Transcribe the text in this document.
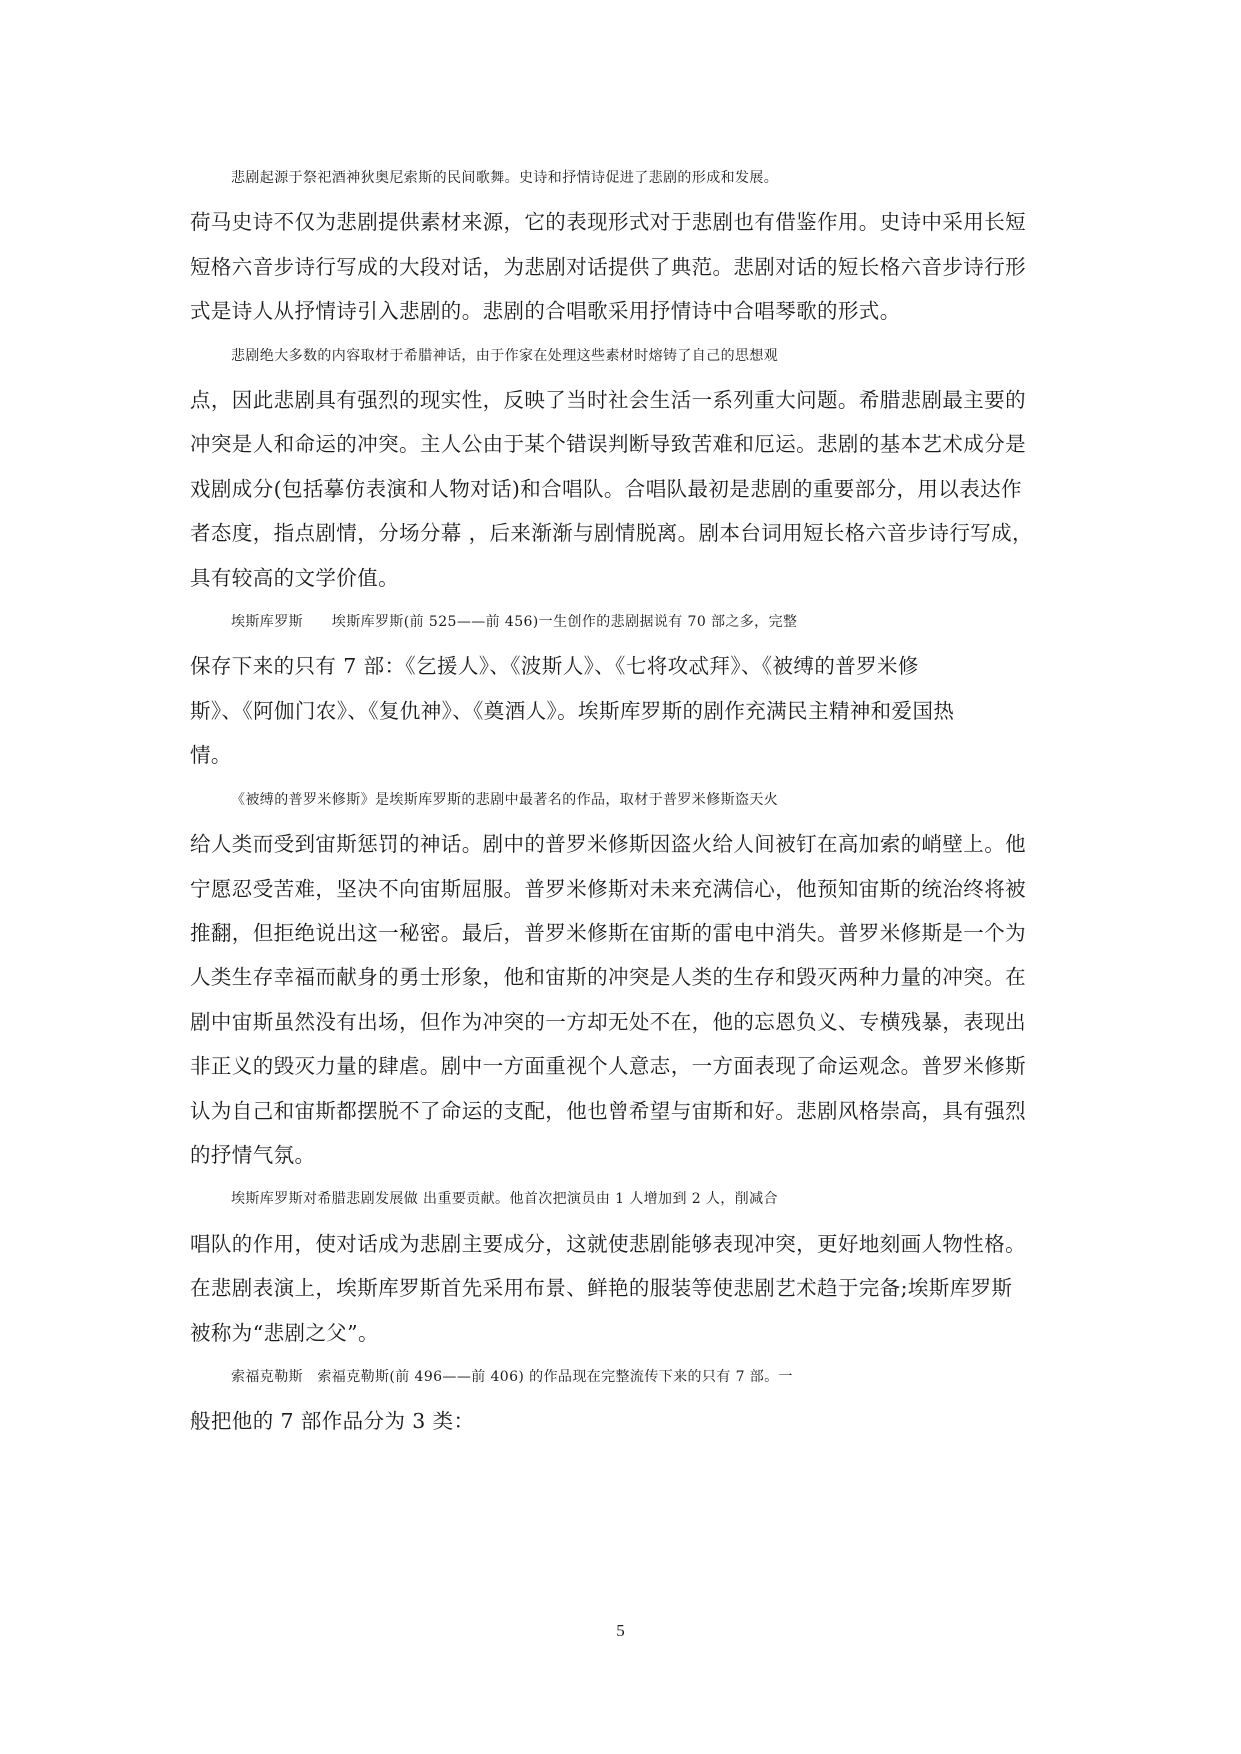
悲剧起源于祭祀酒神狄奥尼索斯的民间歌舞。史诗和抒情诗促进了悲剧的形成和发展。
荷马史诗不仅为悲剧提供素材来源，它的表现形式对于悲剧也有借鉴作用。史诗中采用长短
短格六音步诗行写成的大段对话，为悲剧对话提供了典范。悲剧对话的短长格六音步诗行形
式是诗人从抒情诗引入悲剧的。悲剧的合唱歌采用抒情诗中合唱琴歌的形式。

悲剧绝大多数的内容取材于希腊神话，由于作家在处理这些素材时熔铸了自己的思想观
点，因此悲剧具有强烈的现实性，反映了当时社会生活一系列重大问题。希腊悲剧最主要的
冲突是人和命运的冲突。主人公由于某个错误判断导致苦难和厄运。悲剧的基本艺术成分是
戏剧成分(包括摹仿表演和人物对话)和合唱队。合唱队最初是悲剧的重要部分，用以表达作
者态度，指点剧情，分场分幕 ，后来渐渐与剧情脱离。剧本台词用短长格六音步诗行写成，
具有较高的文学价值。

埃斯库罗斯　　埃斯库罗斯(前 525——前 456)一生创作的悲剧据说有 70 部之多，完整
保存下来的只有 7 部：《乞援人》、《波斯人》、《七将攻忒拜》、《被缚的普罗米修
斯》、《阿伽门农》、《复仇神》、《奠酒人》。埃斯库罗斯的剧作充满民主精神和爱国热
情。

《被缚的普罗米修斯》是埃斯库罗斯的悲剧中最著名的作品，取材于普罗米修斯盗天火
给人类而受到宙斯惩罚的神话。剧中的普罗米修斯因盗火给人间被钉在高加索的峭壁上。他
宁愿忍受苦难，坚决不向宙斯屈服。普罗米修斯对未来充满信心，他预知宙斯的统治终将被
推翻，但拒绝说出这一秘密。最后，普罗米修斯在宙斯的雷电中消失。普罗米修斯是一个为
人类生存幸福而献身的勇士形象，他和宙斯的冲突是人类的生存和毁灭两种力量的冲突。在
剧中宙斯虽然没有出场，但作为冲突的一方却无处不在，他的忘恩负义、专横残暴，表现出
非正义的毁灭力量的肆虐。剧中一方面重视个人意志，一方面表现了命运观念。普罗米修斯
认为自己和宙斯都摆脱不了命运的支配，他也曾希望与宙斯和好。悲剧风格崇高，具有强烈
的抒情气氛。

埃斯库罗斯对希腊悲剧发展做 出重要贡献。他首次把演员由 1 人增加到 2 人，削减合
唱队的作用，使对话成为悲剧主要成分，这就使悲剧能够表现冲突，更好地刻画人物性格。
在悲剧表演上，埃斯库罗斯首先采用布景、鲜艳的服装等使悲剧艺术趋于完备;埃斯库罗斯
被称为“悲剧之父”。

索福克勒斯　索福克勒斯(前 496——前 406) 的作品现在完整流传下来的只有 7 部。一
般把他的 7 部作品分为 3 类：

5
